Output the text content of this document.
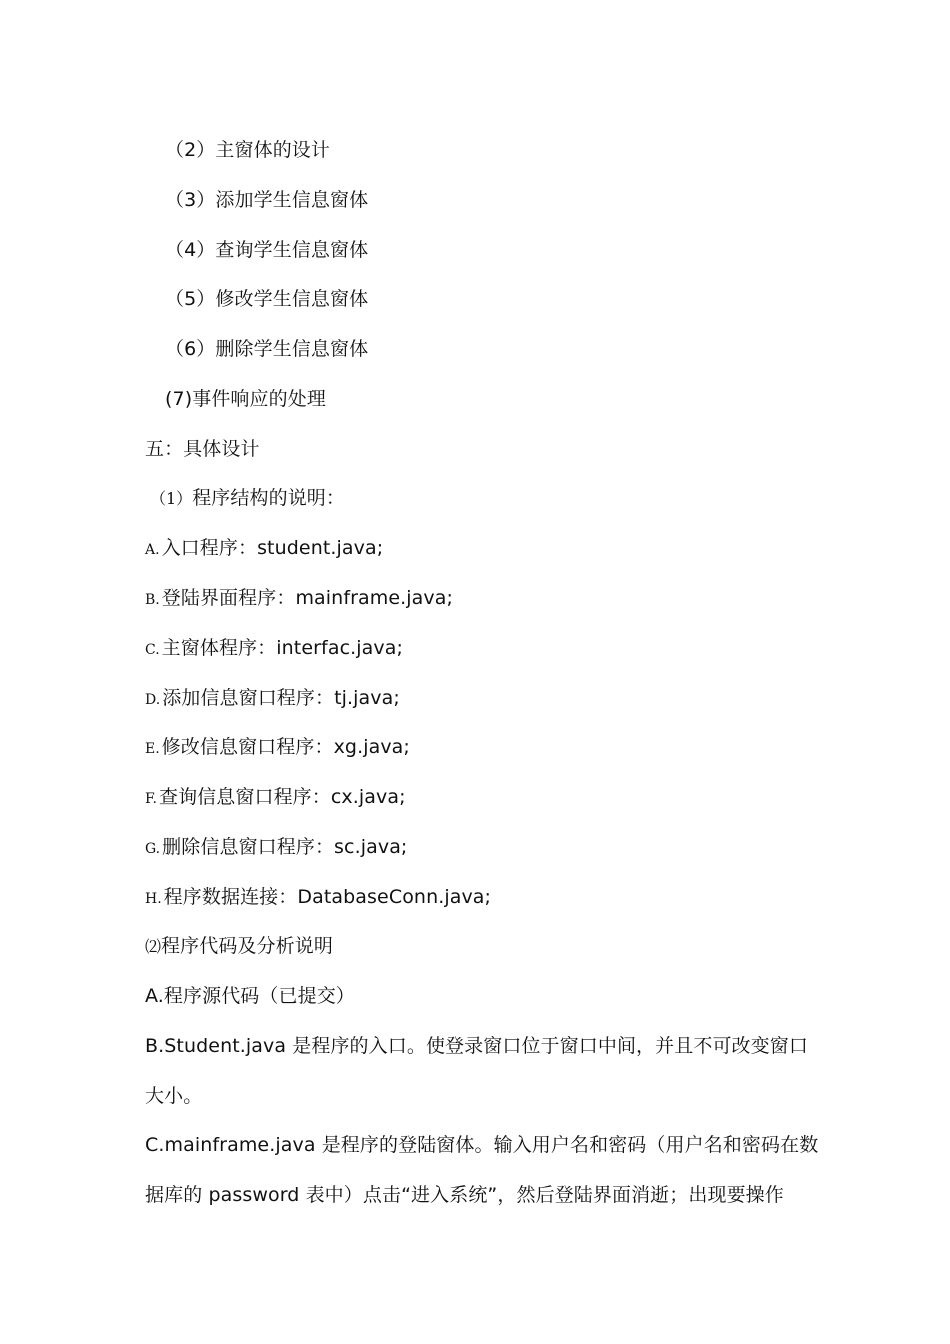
（2）主窗体的设计
（3）添加学生信息窗体
（4）查询学生信息窗体
（5）修改学生信息窗体
（6）删除学生信息窗体
(7)事件响应的处理
五：具体设计
（1）程序结构的说明：
A. 入口程序：student.java;
B. 登陆界面程序：mainframe.java;
C. 主窗体程序：interfac.java;
D. 添加信息窗口程序：tj.java;
E. 修改信息窗口程序：xg.java;
F. 查询信息窗口程序：cx.java;
G. 删除信息窗口程序：sc.java;
H. 程序数据连接：DatabaseConn.java;
⑵程序代码及分析说明
A.程序源代码（已提交）
B.Student.java 是程序的入口。使登录窗口位于窗口中间，并且不可改变窗口
大小。
C.mainframe.java 是程序的登陆窗体。输入用户名和密码（用户名和密码在数
据库的 password 表中）点击“进入系统”，然后登陆界面消逝；出现要操作
